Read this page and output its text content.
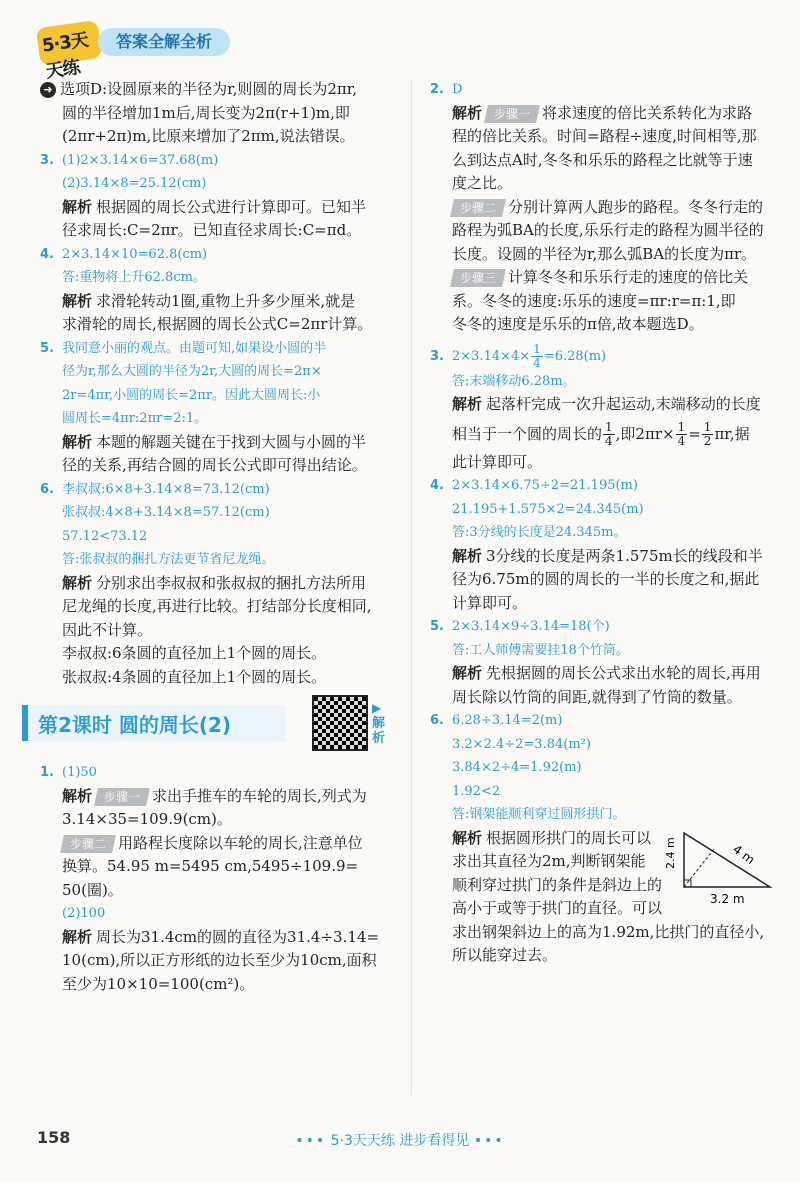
5·3天天练
答案全解全析
➜ 选项D:设圆原来的半径为r,则圆的周长为2πr,
圆的半径增加1m后,周长变为2π(r+1)m,即
(2πr+2π)m,比原来增加了2πm,说法错误。
3. (1)2×3.14×6=37.68(m)
(2)3.14×8=25.12(cm)
解析 根据圆的周长公式进行计算即可。已知半
径求周长:C=2πr。已知直径求周长:C=πd。
4. 2×3.14×10=62.8(cm)
答:重物将上升62.8cm。
解析 求滑轮转动1圈,重物上升多少厘米,就是
求滑轮的周长,根据圆的周长公式C=2πr计算。
5. 我同意小丽的观点。由题可知,如果设小圆的半
径为r,那么大圆的半径为2r,大圆的周长=2π×
2r=4πr,小圆的周长=2πr。因此大圆周长:小
圆周长=4πr:2πr=2:1。
解析 本题的解题关键在于找到大圆与小圆的半
径的关系,再结合圆的周长公式即可得出结论。
6. 李叔叔:6×8+3.14×8=73.12(cm)
张叔叔:4×8+3.14×8=57.12(cm)
57.12<73.12
答:张叔叔的捆扎方法更节省尼龙绳。
解析 分别求出李叔叔和张叔叔的捆扎方法所用
尼龙绳的长度,再进行比较。打结部分长度相同,
因此不计算。
李叔叔:6条圆的直径加上1个圆的周长。
张叔叔:4条圆的直径加上1个圆的周长。
第2课时 圆的周长(2)
▶
解析
1. (1)50
解析 步骤一 求出手推车的车轮的周长,列式为
3.14×35=109.9(cm)。
步骤二 用路程长度除以车轮的周长,注意单位
换算。54.95 m=5495 cm,5495÷109.9=
50(圈)。
(2)100
解析 周长为31.4cm的圆的直径为31.4÷3.14=
10(cm),所以正方形纸的边长至少为10cm,面积
至少为10×10=100(cm²)。
2. D
解析 步骤一 将求速度的倍比关系转化为求路
程的倍比关系。时间=路程÷速度,时间相等,那
么到达点A时,冬冬和乐乐的路程之比就等于速
度之比。
步骤二 分别计算两人跑步的路程。冬冬行走的
路程为弧BA的长度,乐乐行走的路程为圆半径的
长度。设圆的半径为r,那么弧BA的长度为πr。
步骤三 计算冬冬和乐乐行走的速度的倍比关
系。冬冬的速度:乐乐的速度=πr:r=π:1,即
冬冬的速度是乐乐的π倍,故本题选D。
3. $2\times 3.14\times 4\times \frac{1}{4} =6.28(m)$
答:末端移动6.28m。
解析 起落杆完成一次升起运动,末端移动的长度
相当于一个圆的周长的 $\frac{1}{4}$ ,即$2\pi r\times \frac{1}{4} = \frac{1}{2} \pi r$,据
此计算即可。
4. 2×3.14×6.75÷2=21.195(m)
21.195+1.575×2=24.345(m)
答:3分线的长度是24.345m。
解析 3分线的长度是两条1.575m长的线段和半
径为6.75m的圆的周长的一半的长度之和,据此
计算即可。
5. 2×3.14×9÷3.14=18(个)
答:工人师傅需要挂18个竹筒。
解析 先根据圆的周长公式求出水轮的周长,再用
周长除以竹筒的间距,就得到了竹筒的数量。
6. 6.28÷3.14=2(m)
3.2×2.4÷2=3.84(m²)
3.84×2÷4=1.92(m)
1.92<2
答:钢架能顺利穿过圆形拱门。
2.4 m
3.2 m
4 m
解析 根据圆形拱门的周长可以
求出其直径为2m,判断钢架能
顺利穿过拱门的条件是斜边上的
高小于或等于拱门的直径。可以
求出钢架斜边上的高为1.92m,比拱门的直径小,
所以能穿过去。
158	••• 5·3天天练 进步看得见 •••
